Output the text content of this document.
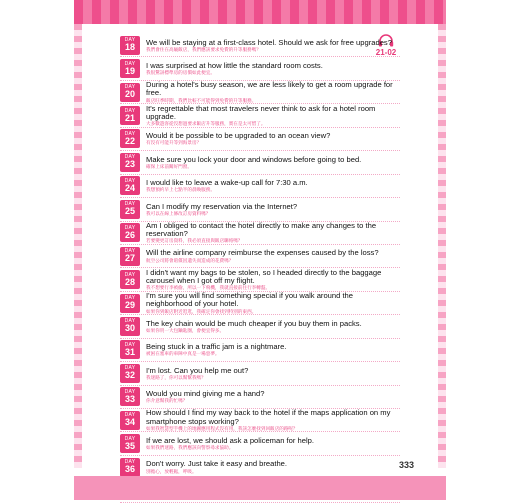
21-02
DAY
18
We will be staying at a first-class hotel. Should we ask for free upgrades?
我們會住在高級飯店，我們應該要求免費的升等服務嗎？
DAY
19
I was surprised at how little the standard room costs.
我很驚訝標準房的房價如此便宜。
DAY
20
During a hotel's busy season, we are less likely to get a room upgrade for free.
飯店旺季時期，我們比較不可能得到免費的升等服務。
DAY
21
It's regrettable that most travelers never think to ask for a hotel room upgrade.
大多數遊客從沒想過要求飯店升等服務，實在是太可惜了。
DAY
22
Would it be possible to be upgraded to an ocean view?
有沒有可能升等到海景房？
DAY
23
Make sure you lock your door and windows before going to bed.
確保上床前關好門窗。
DAY
24
I would like to leave a wake-up call for 7:30 a.m.
我想預約早上七點半的晨喚服務。
DAY
25
Can I modify my reservation via the Internet?
我可以在線上修改訂房資料嗎？
DAY
26
Am I obliged to contact the hotel directly to make any changes to the reservation?
若要變更訂房資料，我必須直接與飯店聯絡嗎？
DAY
27
Will the airline company reimburse the expenses caused by the loss?
航空公司將會賠償因遺失而造成的花費嗎？
DAY
28
I didn't want my bags to be stolen, so I headed directly to the baggage carousel when I got off my flight.
我不想要行李被偷，所以一下飛機，我就直接前往行李轉盤。
DAY
29
I'm sure you will find something special if you walk around the neighborhood of your hotel.
如果你到飯店附近逛逛，我確定你會找到特別的東西。
DAY
30
The key chain would be much cheaper if you buy them in packs.
如果你買一大包鑰匙圈，會便宜得多。
DAY
31
Being stuck in a traffic jam is a nightmare.
被困在塞車的車陣中真是一場惡夢。
DAY
32
I'm lost. Can you help me out?
我迷路了，你可以幫幫我嗎？
DAY
33
Would you mind giving me a hand?
你介意幫我的忙嗎？
DAY
34
How should I find my way back to the hotel if the maps application on my smartphone stops working?
如果我智慧型手機上的地圖應用程式沒有用，我該怎麼找到回飯店的路呢？
DAY
35
If we are lost, we should ask a policeman for help.
如果我們迷路，我們應該向警察尋求協助。
DAY
36
Don't worry. Just take it easy and breathe.
別擔心，放輕鬆，呼吸。
333
